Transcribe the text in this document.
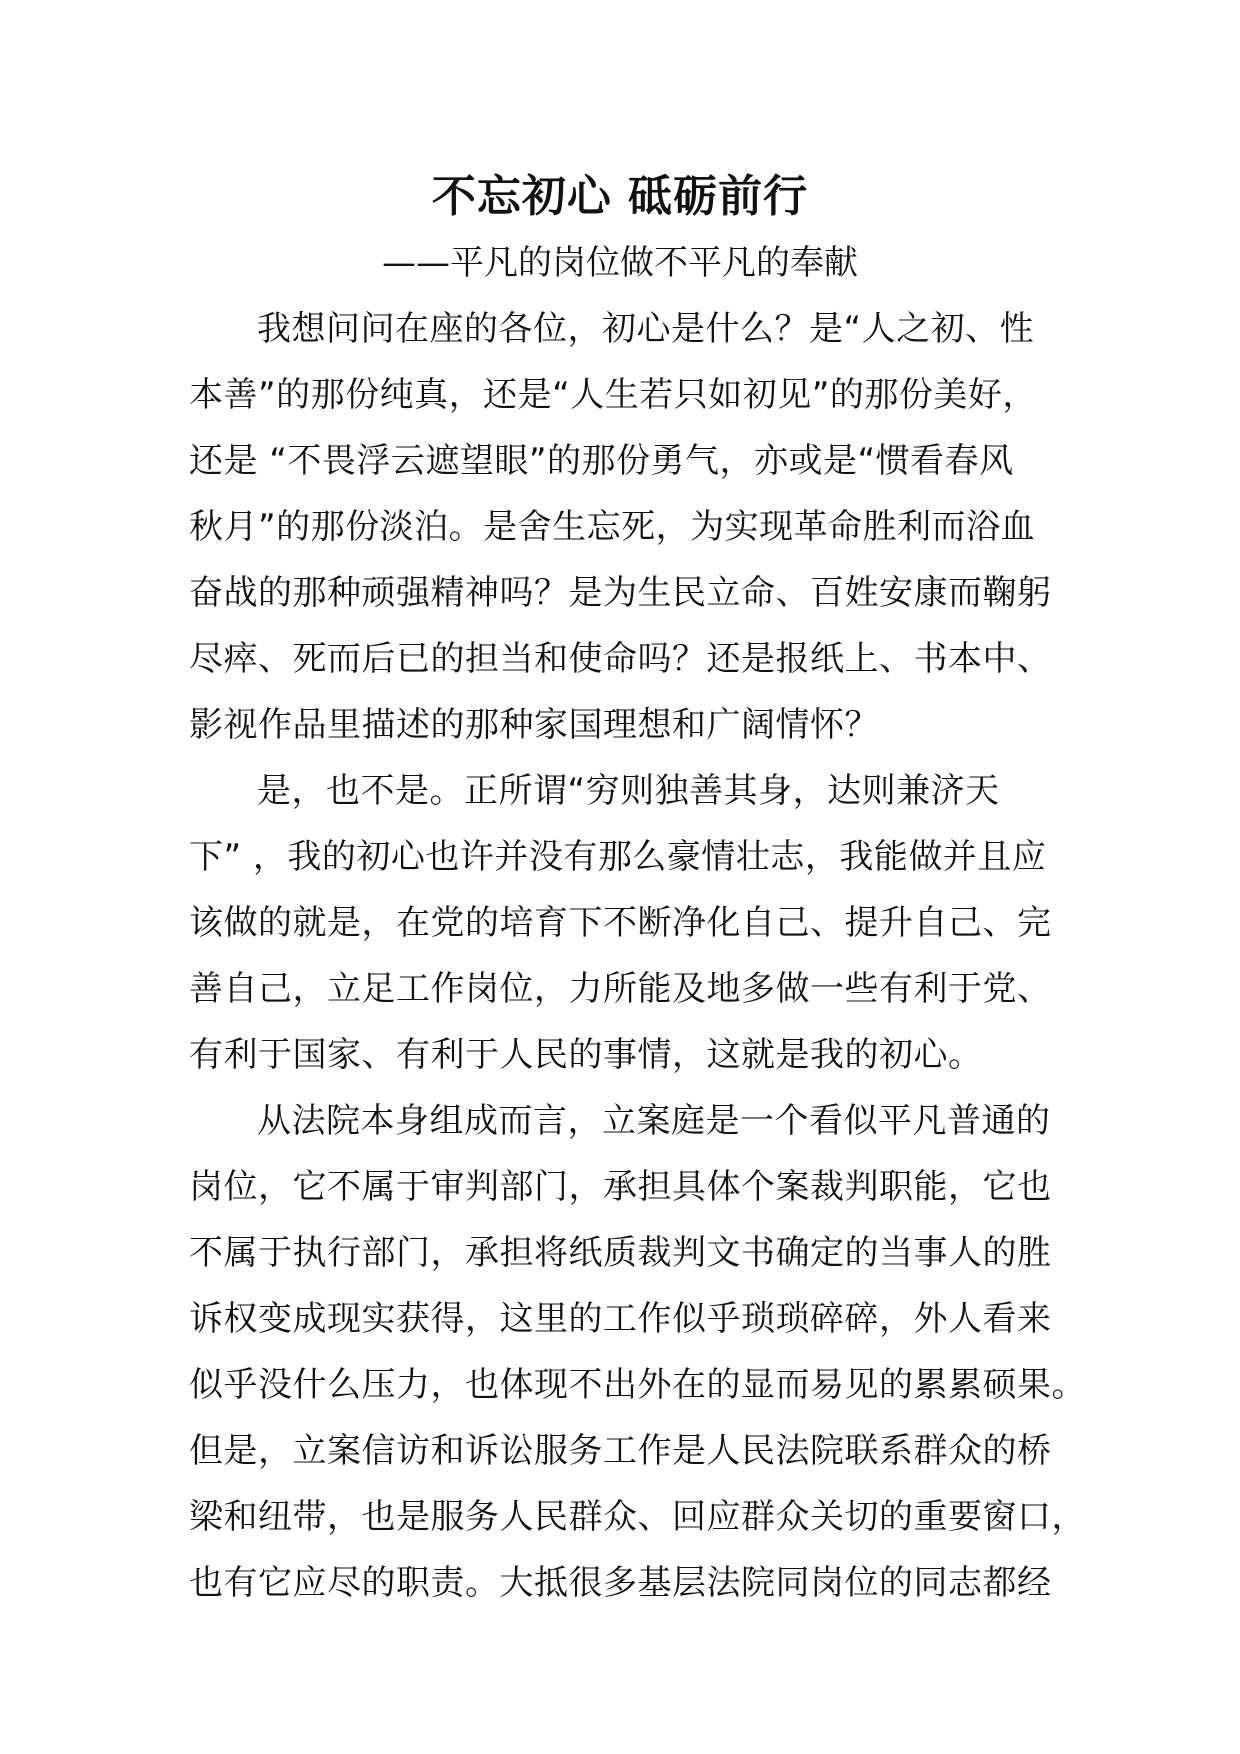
不忘初心 砥砺前行
——平凡的岗位做不平凡的奉献
我想问问在座的各位，初心是什么？是“人之初、性
本善”的那份纯真，还是“人生若只如初见”的那份美好，
还是 “不畏浮云遮望眼”的那份勇气，亦或是“惯看春风
秋月”的那份淡泊。是舍生忘死，为实现革命胜利而浴血
奋战的那种顽强精神吗？是为生民立命、百姓安康而鞠躬
尽瘁、死而后已的担当和使命吗？还是报纸上、书本中、
影视作品里描述的那种家国理想和广阔情怀？
是，也不是。正所谓“穷则独善其身，达则兼济天
下” ，我的初心也许并没有那么豪情壮志，我能做并且应
该做的就是，在党的培育下不断净化自己、提升自己、完
善自己，立足工作岗位，力所能及地多做一些有利于党、
有利于国家、有利于人民的事情，这就是我的初心。
从法院本身组成而言，立案庭是一个看似平凡普通的
岗位，它不属于审判部门，承担具体个案裁判职能，它也
不属于执行部门，承担将纸质裁判文书确定的当事人的胜
诉权变成现实获得，这里的工作似乎琐琐碎碎，外人看来
似乎没什么压力，也体现不出外在的显而易见的累累硕果。
但是，立案信访和诉讼服务工作是人民法院联系群众的桥
梁和纽带，也是服务人民群众、回应群众关切的重要窗口，
也有它应尽的职责。大抵很多基层法院同岗位的同志都经
